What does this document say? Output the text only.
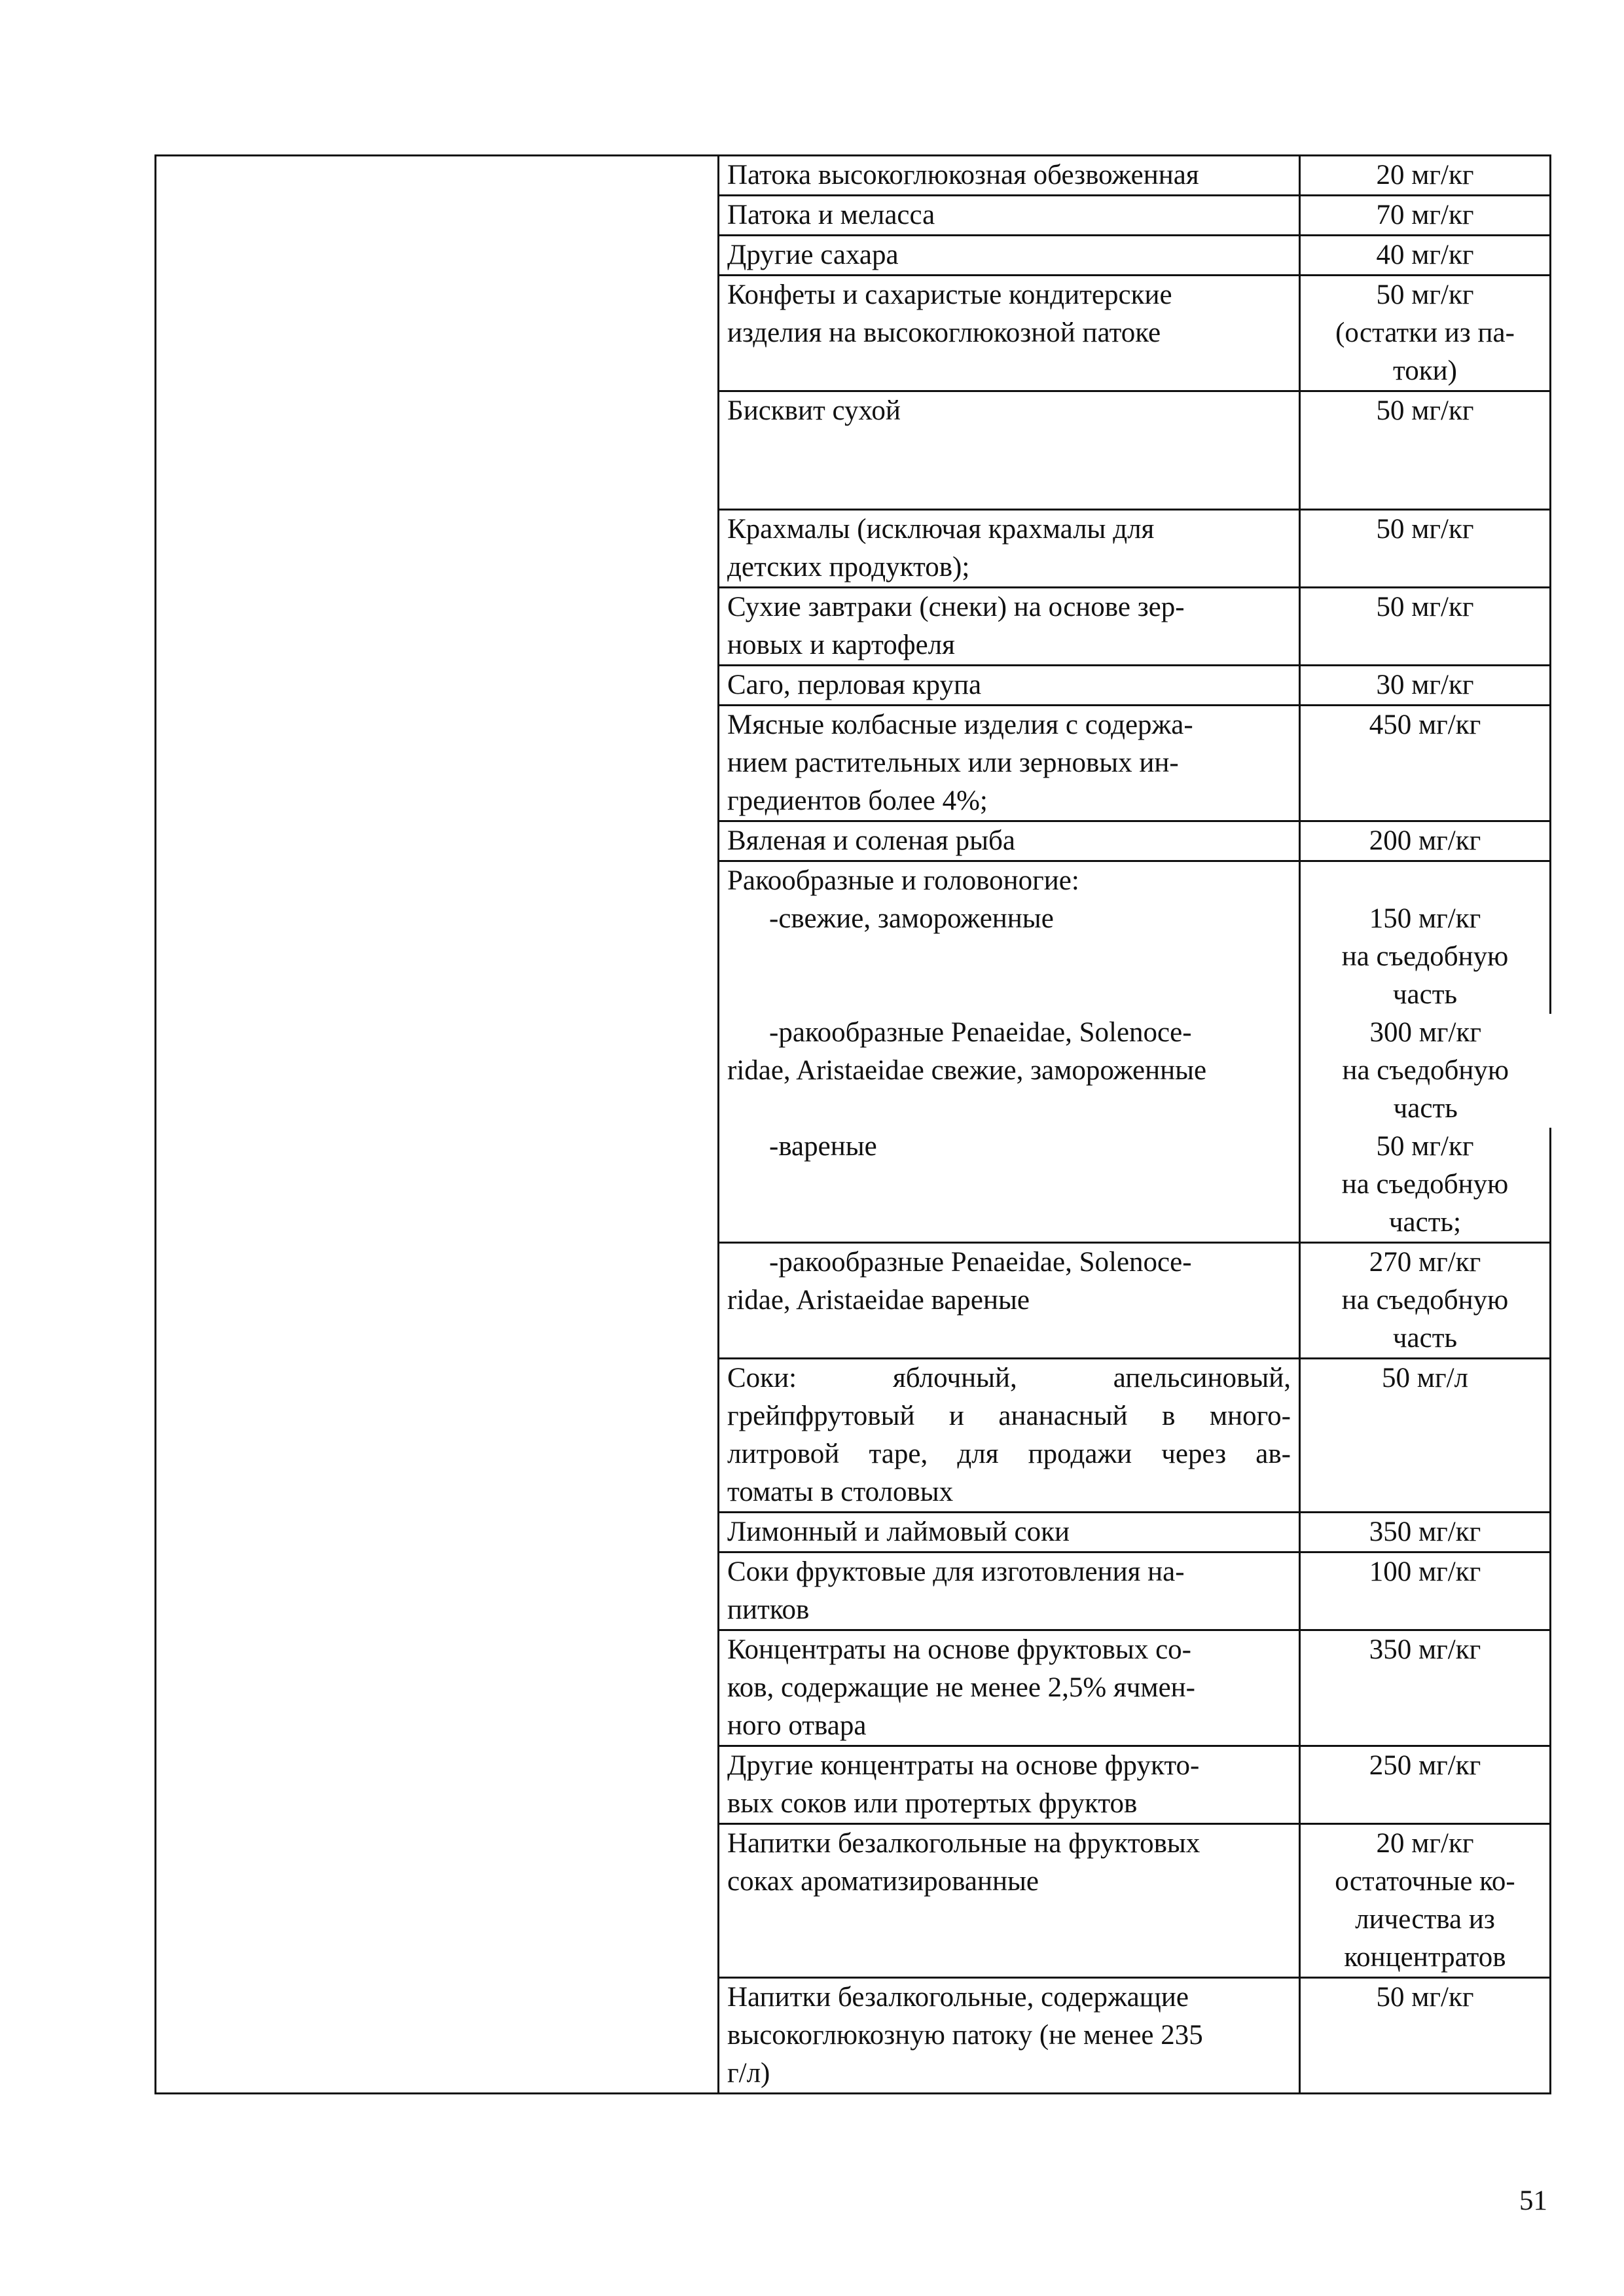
	Патока высокоглюкозная обезвоженная	20 мг/кг

	Патока и меласса	70 мг/кг

	Другие сахара	40 мг/кг

	Конфеты и сахаристые кондитерские
изделия на высокоглюкозной патоке	50 мг/кг
(остатки из па-
токи)

	Бисквит сухой	50 мг/кг

	Крахмалы (исключая крахмалы для
детских продуктов);	50 мг/кг

	Сухие завтраки (снеки) на основе зер-
новых и картофеля	50 мг/кг

	Саго, перловая крупа	30 мг/кг

	Мясные колбасные изделия с содержа-
нием растительных или зерновых ин-
гредиентов более 4%;	450 мг/кг

	Вяленая и соленая рыба	200 мг/кг

	Ракообразные и головоногие:
-свежие, замороженные	150 мг/кг
на съедобную
часть

	-ракообразные Penaeidae, Solenoce-
ridae, Aristaeidae свежие, замороженные	300 мг/кг
на съедобную
часть

	-вареные	50 мг/кг
на съедобную
часть;

	-ракообразные Penaeidae, Solenoce-
ridae, Aristaeidae вареные	270 мг/кг
на съедобную
часть

	Соки: яблочный, апельсиновый,
грейпфрутовый и ананасный в много-
литровой таре, для продажи через ав-
томаты в столовых	50 мг/л

	Лимонный и лаймовый соки	350 мг/кг

	Соки фруктовые для изготовления на-
питков	100 мг/кг

	Концентраты на основе фруктовых со-
ков, содержащие не менее 2,5% ячмен-
ного отвара	350 мг/кг

	Другие концентраты на основе фрукто-
вых соков или протертых фруктов	250 мг/кг

	Напитки безалкогольные на фруктовых
соках ароматизированные	20 мг/кг
остаточные ко-
личества из
концентратов

	Напитки безалкогольные, содержащие
высокоглюкозную патоку (не менее 235
г/л)	50 мг/кг
51
